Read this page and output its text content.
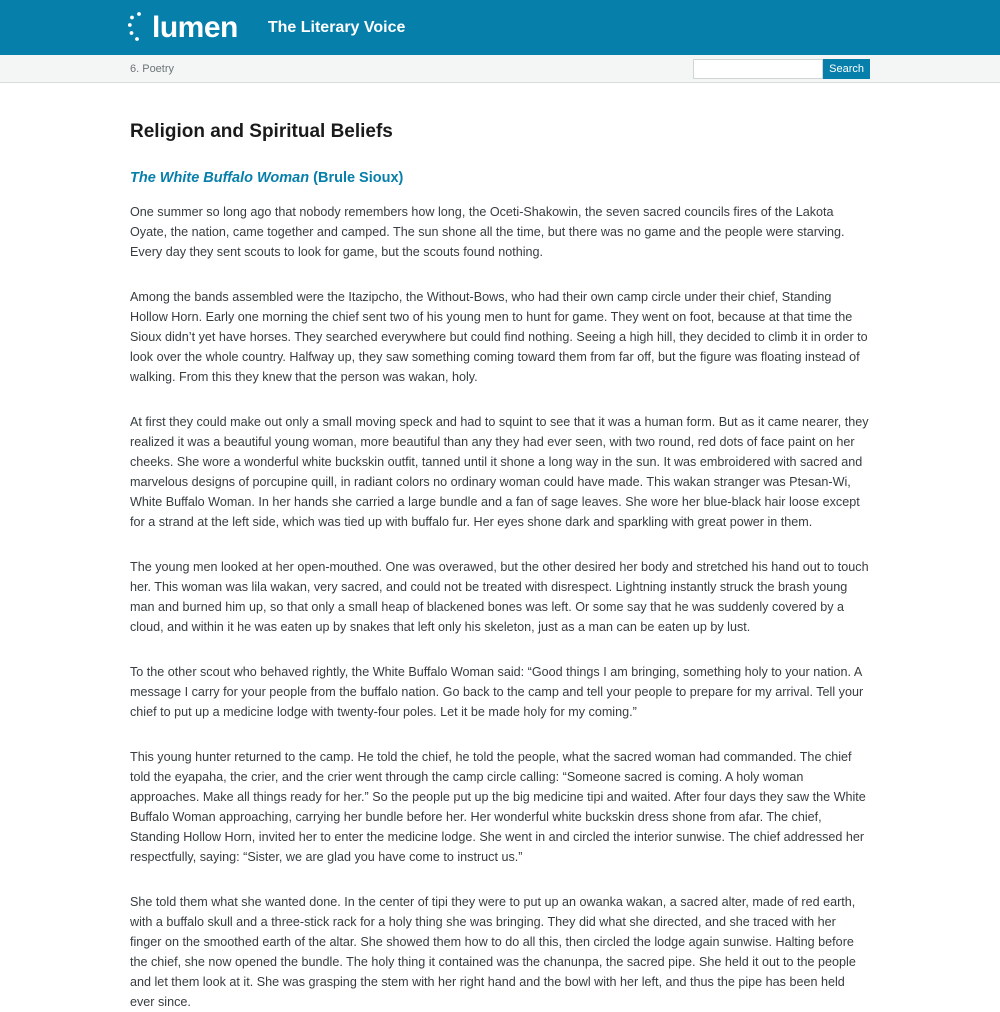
lumen The Literary Voice
6. Poetry	Search
Religion and Spiritual Beliefs
The White Buffalo Woman (Brule Sioux)

One summer so long ago that nobody remembers how long, the Oceti-Shakowin, the seven sacred councils fires of the Lakota Oyate, the nation, came together and camped. The sun shone all the time, but there was no game and the people were starving. Every day they sent scouts to look for game, but the scouts found nothing.

Among the bands assembled were the Itazipcho, the Without-Bows, who had their own camp circle under their chief, Standing Hollow Horn. Early one morning the chief sent two of his young men to hunt for game. They went on foot, because at that time the Sioux didn’t yet have horses. They searched everywhere but could find nothing. Seeing a high hill, they decided to climb it in order to look over the whole country. Halfway up, they saw something coming toward them from far off, but the figure was floating instead of walking. From this they knew that the person was wakan, holy.

At first they could make out only a small moving speck and had to squint to see that it was a human form. But as it came nearer, they realized it was a beautiful young woman, more beautiful than any they had ever seen, with two round, red dots of face paint on her cheeks. She wore a wonderful white buckskin outfit, tanned until it shone a long way in the sun. It was embroidered with sacred and marvelous designs of porcupine quill, in radiant colors no ordinary woman could have made. This wakan stranger was Ptesan-Wi, White Buffalo Woman. In her hands she carried a large bundle and a fan of sage leaves. She wore her blue-black hair loose except for a strand at the left side, which was tied up with buffalo fur. Her eyes shone dark and sparkling with great power in them.

The young men looked at her open-mouthed. One was overawed, but the other desired her body and stretched his hand out to touch her. This woman was lila wakan, very sacred, and could not be treated with disrespect. Lightning instantly struck the brash young man and burned him up, so that only a small heap of blackened bones was left. Or some say that he was suddenly covered by a cloud, and within it he was eaten up by snakes that left only his skeleton, just as a man can be eaten up by lust.

To the other scout who behaved rightly, the White Buffalo Woman said: “Good things I am bringing, something holy to your nation. A message I carry for your people from the buffalo nation. Go back to the camp and tell your people to prepare for my arrival. Tell your chief to put up a medicine lodge with twenty-four poles. Let it be made holy for my coming.”

This young hunter returned to the camp. He told the chief, he told the people, what the sacred woman had commanded. The chief told the eyapaha, the crier, and the crier went through the camp circle calling: “Someone sacred is coming. A holy woman approaches. Make all things ready for her.” So the people put up the big medicine tipi and waited. After four days they saw the White Buffalo Woman approaching, carrying her bundle before her. Her wonderful white buckskin dress shone from afar. The chief, Standing Hollow Horn, invited her to enter the medicine lodge. She went in and circled the interior sunwise. The chief addressed her respectfully, saying: “Sister, we are glad you have come to instruct us.”

She told them what she wanted done. In the center of tipi they were to put up an owanka wakan, a sacred alter, made of red earth, with a buffalo skull and a three-stick rack for a holy thing she was bringing. They did what she directed, and she traced with her finger on the smoothed earth of the altar. She showed them how to do all this, then circled the lodge again sunwise. Halting before the chief, she now opened the bundle. The holy thing it contained was the chanunpa, the sacred pipe. She held it out to the people and let them look at it. She was grasping the stem with her right hand and the bowl with her left, and thus the pipe has been held ever since.
